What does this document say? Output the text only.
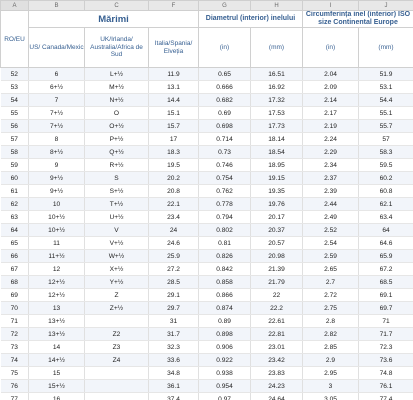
A	B	C	F	G	H	I	J
RO/EU	Mărimi			Diametrul (interior) inelului		Circumferința inel (interior) ISO size Continental Europe	
	US/ Canada/Mexic	UK/Irlanda/ Australia/Africa de Sud	Italia/Spania/ Elveția	(in)	(mm)	(in)	(mm)
52	6	L+½	11.9	0.65	16.51	2.04	51.9
53	6+½	M+½	13.1	0.666	16.92	2.09	53.1
54	7	N+½	14.4	0.682	17.32	2.14	54.4
55	7+½	O	15.1	0.69	17.53	2.17	55.1
56	7+½	O+½	15.7	0.698	17.73	2.19	55.7
57	8	P+½	17	0.714	18.14	2.24	57
58	8+½	Q+½	18.3	0.73	18.54	2.29	58.3
59	9	R+½	19.5	0.746	18.95	2.34	59.5
60	9+½	S	20.2	0.754	19.15	2.37	60.2
61	9+½	S+½	20.8	0.762	19.35	2.39	60.8
62	10	T+½	22.1	0.778	19.76	2.44	62.1
63	10+½	U+½	23.4	0.794	20.17	2.49	63.4
64	10+½	V	24	0.802	20.37	2.52	64
65	11	V+½	24.6	0.81	20.57	2.54	64.6
66	11+½	W+½	25.9	0.826	20.98	2.59	65.9
67	12	X+½	27.2	0.842	21.39	2.65	67.2
68	12+½	Y+½	28.5	0.858	21.79	2.7	68.5
69	12+½	Z	29.1	0.866	22	2.72	69.1
70	13	Z+½	29.7	0.874	22.2	2.75	69.7
71	13+½		31	0.89	22.61	2.8	71
72	13+½	Z2	31.7	0.898	22.81	2.82	71.7
73	14	Z3	32.3	0.906	23.01	2.85	72.3
74	14+½	Z4	33.6	0.922	23.42	2.9	73.6
75	15		34.8	0.938	23.83	2.95	74.8
76	15+½		36.1	0.954	24.23	3	76.1
77	16		37.4	0.97	24.64	3.05	77.4
